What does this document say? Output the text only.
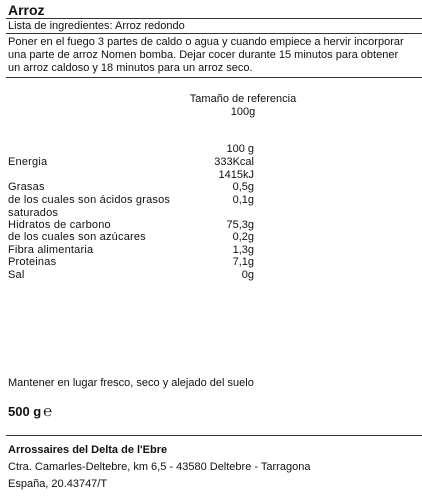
Arroz
Lista de ingredientes: Arroz redondo
Poner en el fuego 3 partes de caldo o agua y cuando empiece a hervir incorporar
una parte de arroz Nomen bomba. Dejar cocer durante 15 minutos para obtener
un arroz caldoso y 18 minutos para un arroz seco.
Tamaño de referencia
100g
100 g
Energia	333Kcal
1415kJ
Grasas	0,5g
de los cuales son ácidos grasos	0,1g
saturados
Hidratos de carbono	75,3g
de los cuales son azúcares	0,2g
Fibra alimentaria	1,3g
Proteinas	7,1g
Sal	0g
Mantener en lugar fresco, seco y alejado del suelo
500 g ℮
Arrossaires del Delta de l'Ebre
Ctra. Camarles-Deltebre, km 6,5 - 43580 Deltebre - Tarragona
España, 20.43747/T
